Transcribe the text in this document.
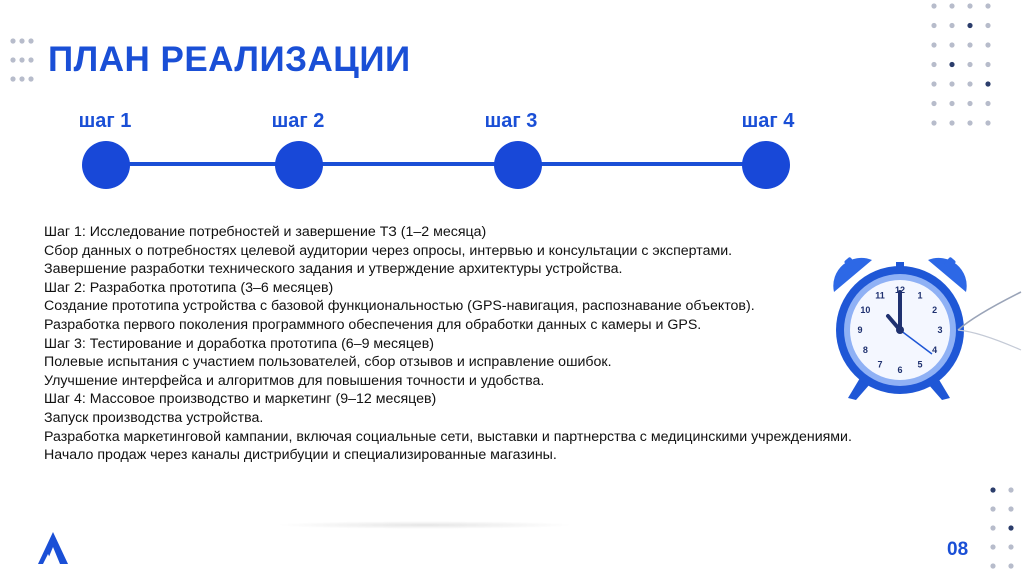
ПЛАН РЕАЛИЗАЦИИ
шаг 1	шаг 2	шаг 3	шаг 4
Шаг 1: Исследование потребностей и завершение ТЗ (1–2 месяца)
Сбор данных о потребностях целевой аудитории через опросы, интервью и консультации с экспертами.
Завершение разработки технического задания и утверждение архитектуры устройства.
Шаг 2: Разработка прототипа (3–6 месяцев)
Создание прототипа устройства с базовой функциональностью (GPS-навигация, распознавание объектов).
Разработка первого поколения программного обеспечения для обработки данных с камеры и GPS.
Шаг 3: Тестирование и доработка прототипа (6–9 месяцев)
Полевые испытания с участием пользователей, сбор отзывов и исправление ошибок.
Улучшение интерфейса и алгоритмов для повышения точности и удобства.
Шаг 4: Массовое производство и маркетинг (9–12 месяцев)
Запуск производства устройства.
Разработка маркетинговой кампании, включая социальные сети, выставки и партнерства с медицинскими учреждениями.
Начало продаж через каналы дистрибуции и специализированные магазины.
12
1
2
3
4
5
6
7
8
9
10
11
08
